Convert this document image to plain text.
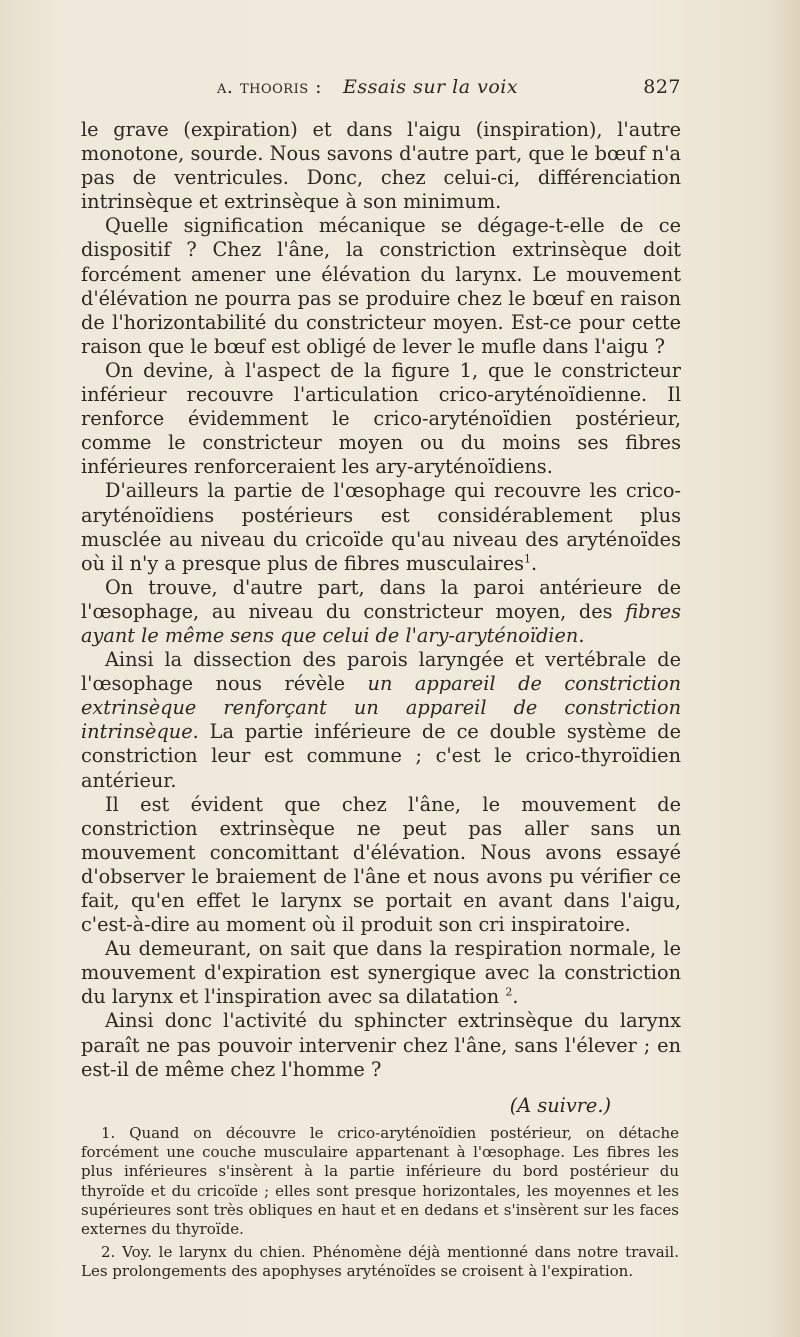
a. thooris : Essais sur la voix	827

le grave (expiration) et dans l'aigu (inspiration), l'autre monotone, sourde. Nous savons d'autre part, que le bœuf n'a pas de ventricules. Donc, chez celui-ci, différenciation intrinsèque et extrinsèque à son minimum.

Quelle signification mécanique se dégage-t-elle de ce dispositif ? Chez l'âne, la constriction extrinsèque doit forcément amener une élévation du larynx. Le mouvement d'élévation ne pourra pas se produire chez le bœuf en raison de l'horizontabilité du constricteur moyen. Est-ce pour cette raison que le bœuf est obligé de lever le mufle dans l'aigu ?

On devine, à l'aspect de la figure 1, que le constricteur inférieur recouvre l'articulation crico-aryténoïdienne. Il renforce évidemment le crico-aryténoïdien postérieur, comme le constricteur moyen ou du moins ses fibres inférieures renforceraient les ary-aryténoïdiens.

D'ailleurs la partie de l'œsophage qui recouvre les crico-aryténoïdiens postérieurs est considérablement plus musclée au niveau du cricoïde qu'au niveau des aryténoïdes où il n'y a presque plus de fibres musculaires$^1$.

On trouve, d'autre part, dans la paroi antérieure de l'œsophage, au niveau du constricteur moyen, des fibres ayant le même sens que celui de l'ary-aryténoïdien.

Ainsi la dissection des parois laryngée et vertébrale de l'œsophage nous révèle un appareil de constriction extrinsèque renforçant un appareil de constriction intrinsèque. La partie inférieure de ce double système de constriction leur est commune ; c'est le crico-thyroïdien antérieur.

Il est évident que chez l'âne, le mouvement de constriction extrinsèque ne peut pas aller sans un mouvement concomittant d'élévation. Nous avons essayé d'observer le braiement de l'âne et nous avons pu vérifier ce fait, qu'en effet le larynx se portait en avant dans l'aigu, c'est-à-dire au moment où il produit son cri inspiratoire.

Au demeurant, on sait que dans la respiration normale, le mouvement d'expiration est synergique avec la constriction du larynx et l'inspiration avec sa dilatation $^2$.

Ainsi donc l'activité du sphincter extrinsèque du larynx paraît ne pas pouvoir intervenir chez l'âne, sans l'élever ; en est-il de même chez l'homme ?

(A suivre.)

1. Quand on découvre le crico-aryténoïdien postérieur, on détache forcément une couche musculaire appartenant à l'œsophage. Les fibres les plus inférieures s'insèrent à la partie inférieure du bord postérieur du thyroïde et du cricoïde ; elles sont presque horizontales, les moyennes et les supérieures sont très obliques en haut et en dedans et s'insèrent sur les faces externes du thyroïde.

2. Voy. le larynx du chien. Phénomène déjà mentionné dans notre travail. Les prolongements des apophyses aryténoïdes se croisent à l'expiration.
